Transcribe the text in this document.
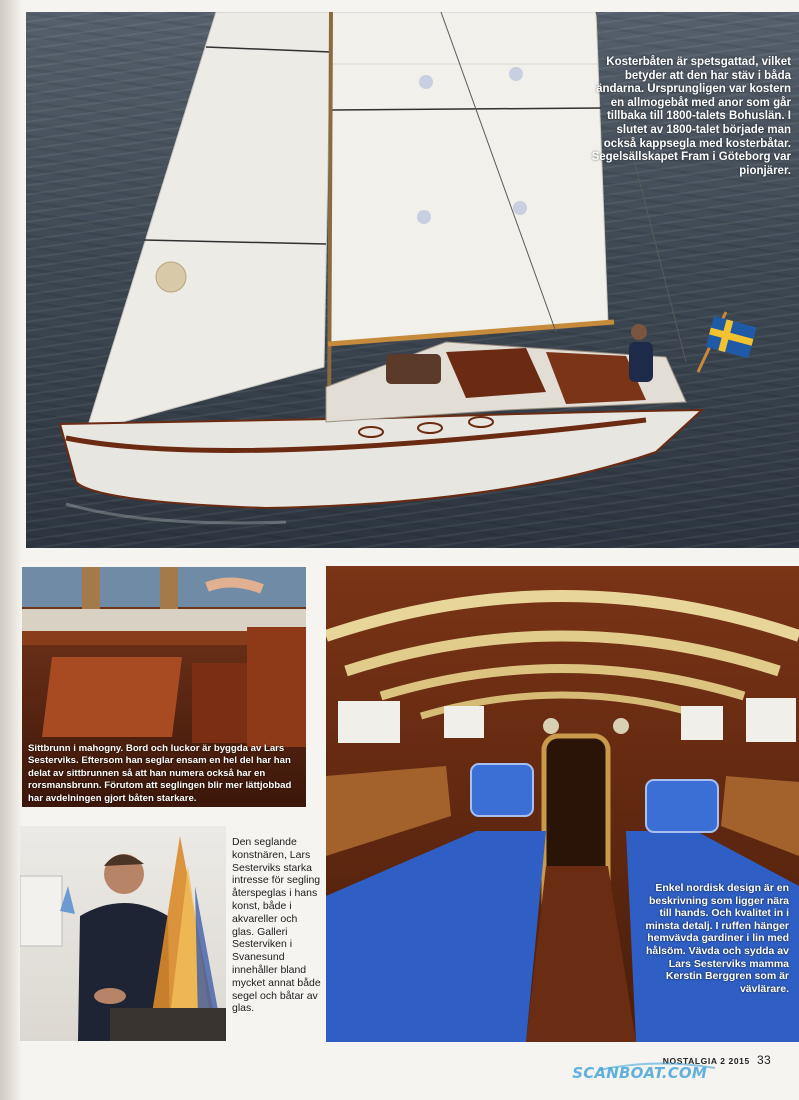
Kosterbåten är spetsgattad, vilket betyder att den har stäv i båda ändarna. Ursprungligen var kostern en allmogebåt med anor som går tillbaka till 1800-talets Bohuslän. I slutet av 1800-talet började man också kappsegla med kosterbåtar. Segelsällskapet Fram i Göteborg var pionjärer.
Sittbrunn i mahogny. Bord och luckor är byggda av Lars Sesterviks. Eftersom han seglar ensam en hel del har han delat av sittbrunnen så att han numera också har en rorsmansbrunn. Förutom att seglingen blir mer lättjobbad har avdelningen gjort båten starkare.
Den seglande konstnären, Lars Sesterviks starka intresse för segling återspeglas i hans konst, både i akvareller och glas. Galleri Sesterviken i Svanesund innehåller bland mycket annat både segel och båtar av glas.
Enkel nordisk design är en beskrivning som ligger nära till hands. Och kvalitet in i minsta detalj. I ruffen hänger hemvävda gardiner i lin med hålsöm. Vävda och sydda av Lars Sesterviks mamma Kerstin Berggren som är vävlärare.
NOSTALGIA 2 2015 33
SCANBOAT.COM
